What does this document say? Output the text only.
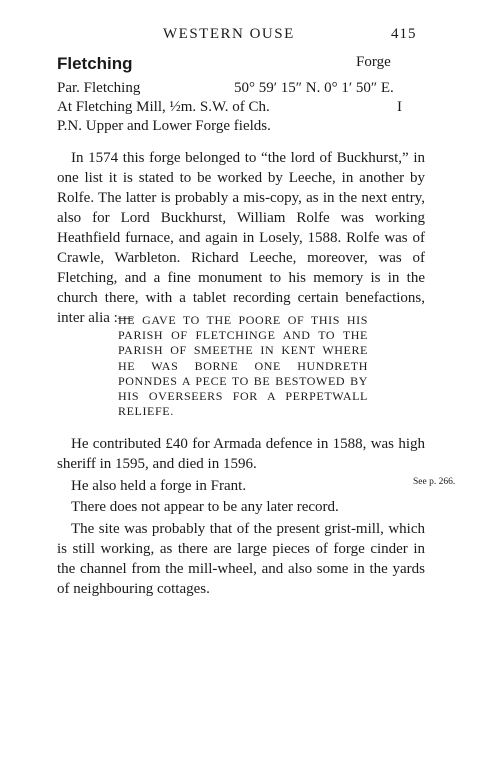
WESTERN OUSE	415
Fletching	Forge
Par. Fletching	50° 59′ 15″ N. 0° 1′ 50″ E.
At Fletching Mill, ½m. S.W. of Ch.	I
P.N. Upper and Lower Forge fields.

In 1574 this forge belonged to “the lord of Buckhurst,” in one list it is stated to be worked by Leeche, in another by Rolfe. The latter is probably a mis-copy, as in the next entry, also for Lord Buckhurst, William Rolfe was working Heathfield furnace, and again in Losely, 1588. Rolfe was of Crawle, Warbleton. Richard Leeche, moreover, was of Fletching, and a fine monument to his memory is in the church there, with a tablet recording certain benefactions, inter alia :—

HE GAVE TO THE POORE OF THIS HIS PARISH OF FLETCHINGE AND TO THE PARISH OF SMEETHE IN KENT WHERE HE WAS BORNE ONE HUNDRETH PONNDES A PECE TO BE BESTOWED BY HIS OVERSEERS FOR A PERPETWALL RELIEFE.

He contributed £40 for Armada defence in 1588, was high sheriff in 1595, and died in 1596.

He also held a forge in Frant.	See p. 266.

There does not appear to be any later record.

The site was probably that of the present grist-mill, which is still working, as there are large pieces of forge cinder in the channel from the mill-wheel, and also some in the yards of neighbouring cottages.
